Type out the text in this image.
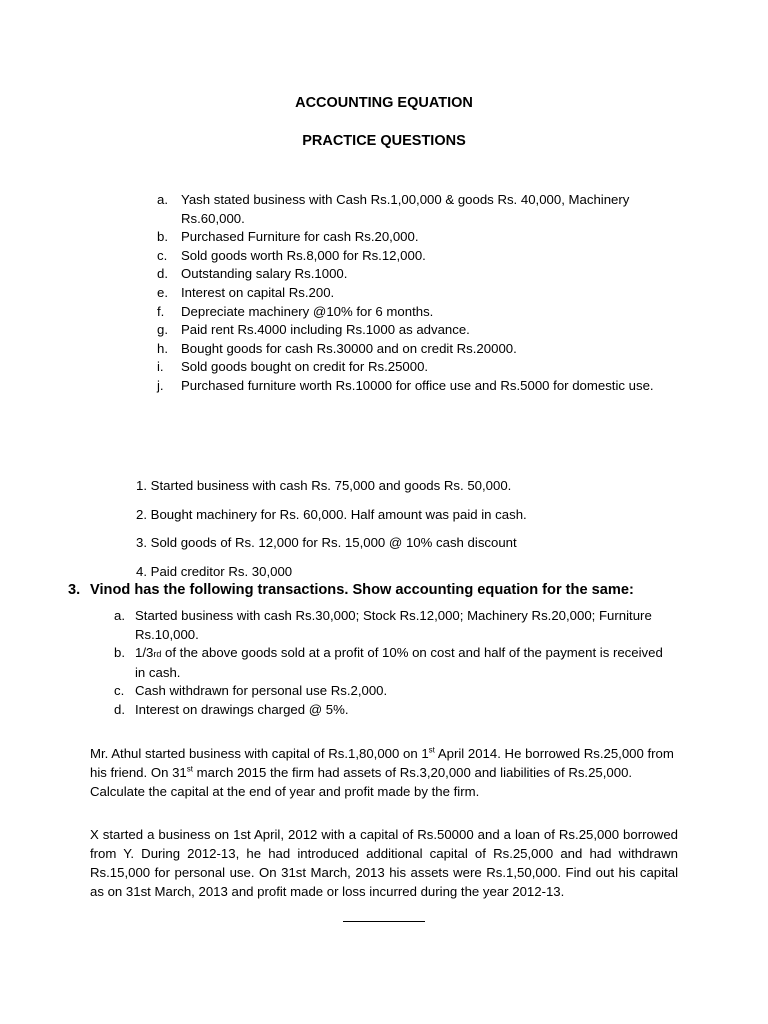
ACCOUNTING EQUATION
PRACTICE QUESTIONS
a. Yash stated business with Cash Rs.1,00,000 & goods Rs. 40,000, Machinery Rs.60,000.
b. Purchased Furniture for cash Rs.20,000.
c. Sold goods worth Rs.8,000 for Rs.12,000.
d. Outstanding salary Rs.1000.
e. Interest on capital Rs.200.
f. Depreciate machinery @10% for 6 months.
g. Paid rent Rs.4000 including Rs.1000 as advance.
h. Bought goods for cash Rs.30000 and on credit Rs.20000.
i. Sold goods bought on credit for Rs.25000.
j. Purchased furniture worth Rs.10000 for office use and Rs.5000 for domestic use.
1. Started business with cash Rs. 75,000 and goods Rs. 50,000.
2. Bought machinery for Rs. 60,000. Half amount was paid in cash.
3. Sold goods of Rs. 12,000 for Rs. 15,000 @ 10% cash discount
4. Paid creditor Rs. 30,000
3. Vinod has the following transactions. Show accounting equation for the same:
a. Started business with cash Rs.30,000; Stock Rs.12,000; Machinery Rs.20,000; Furniture Rs.10,000.
b. 1/3rd of the above goods sold at a profit of 10% on cost and half of the payment is received in cash.
c. Cash withdrawn for personal use Rs.2,000.
d. Interest on drawings charged @ 5%.
Mr. Athul started business with capital of Rs.1,80,000 on 1st April 2014. He borrowed Rs.25,000 from his friend. On 31st march 2015 the firm had assets of Rs.3,20,000 and liabilities of Rs.25,000. Calculate the capital at the end of year and profit made by the firm.
X started a business on 1st April, 2012 with a capital of Rs.50000 and a loan of Rs.25,000 borrowed from Y. During 2012-13, he had introduced additional capital of Rs.25,000 and had withdrawn Rs.15,000 for personal use. On 31st March, 2013 his assets were Rs.1,50,000. Find out his capital as on 31st March, 2013 and profit made or loss incurred during the year 2012-13.
